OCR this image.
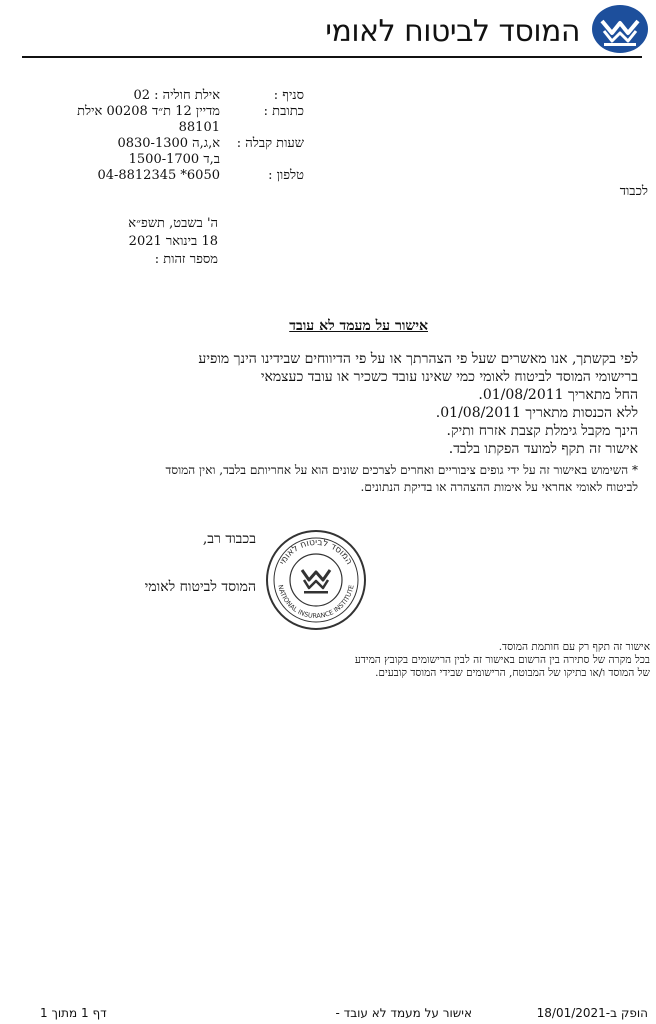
המוסד לביטוח לאומי
סניף :
אילת חוליה : 02
כתובת :
מדיין 12 ת״ד 00208 אילת
88101
שעות קבלה :
א,ג,ה 0830-1300
ב,ד 1500-1700
טלפון :
04-8812345 *6050
לכבוד
ה' בשבט, תשפ״א
18 בינואר 2021
מספר זהות :
אישור על מעמד לא עובד
לפי בקשתך, אנו מאשרים שעל פי הצהרתך או על פי הדיווחים שבידינו הינך מופיע
ברישומי המוסד לביטוח לאומי כמי שאינו עובד כשכיר או עובד כעצמאי
החל מתאריך 01/08/2011.
ללא הכנסות מתאריך 01/08/2011.
הינך מקבל גימלת קצבת אזרח ותיק.
אישור זה תקף למועד הפקתו בלבד.
* השימוש באישור זה על ידי גופים ציבוריים ואחרים לצרכים שונים הוא על אחריותם בלבד, ואין המוסד
לביטוח לאומי אחראי על אימות ההצהרה או בדיקת הנתונים.
בכבוד רב,
המוסד לביטוח לאומי
המוסד לביטוח לאומי
NATIONAL INSURANCE INSTITUTE
אישור זה תקף רק עם חותמת המוסד.
בכל מקרה של סתירה בין הרשום באישור זה לבין הרישומים בקובץ המידע
של המוסד ו/או בתיקו של המבוטח, הרישומים שבידי המוסד קובעים.
הופק ב-18/01/2021
אישור על מעמד לא עובד -
דף 1 מתוך 1
